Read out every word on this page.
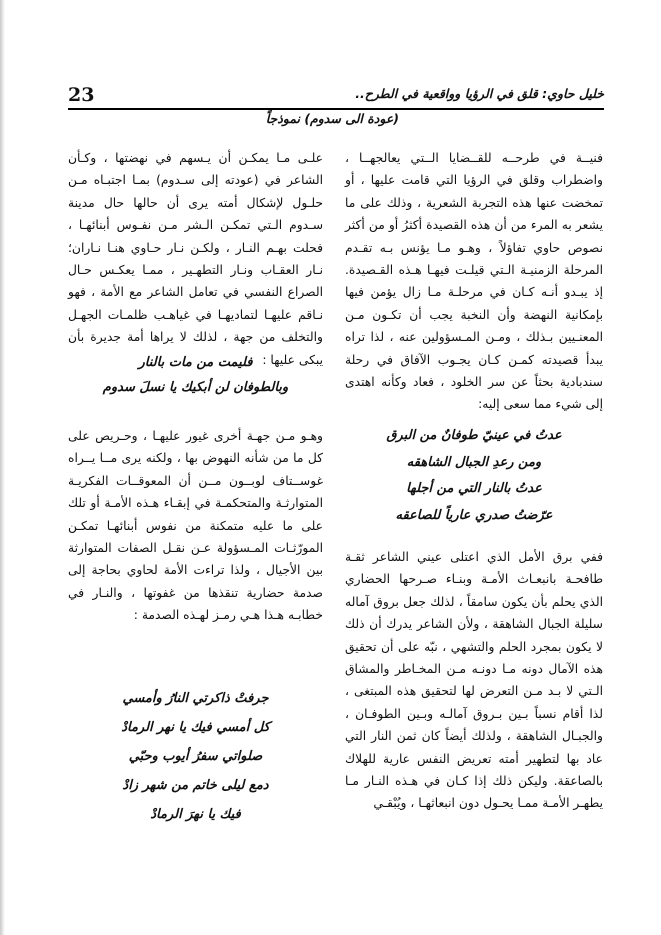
23	خليل حاوي: قلق في الرؤيا وواقعية في الطرح..
(عودة الى سدوم) نموذجاً

فنيــة في طرحــه للقــضايا الــتي يعالجهــا ، واضطراب وقلق في الرؤيا التي قامت عليها ، أو تمخضت عنها هذه التجربة الشعرية ، وذلك على ما يشعر به المرء من أن هذه القصيدة أكثرُ أو من أكثر نصوص حاوي تفاؤلاً ، وهـو مـا يؤنس بـه تقـدم المرحلة الزمنيـة الـتي قيلـت فيهـا هـذه القـصيدة. إذ يبـدو أنـه كـان في مرحلـة مـا زال يؤمن فيها بإمكانية النهضة وأن النخبة يجب أن تكـون مـن المعنـيين بـذلك ، ومـن المـسؤولين عنه ، لذا تراه يبدأ قصيدته كمـن كـان يجـوب الآفاق في رحلة سندبادية بحثاً عن سر الخلود ، فعاد وكأنه اهتدى إلى شيء مما سعى إليه:

عدتُ في عينيّ طوفانٌ من البرق
ومن رعدِ الجبال الشاهقه
عدتُ بالنار التي من أجلها
عرّضتُ صدري عارياً للصاعقه

ففي برق الأمل الذي اعتلى عيني الشاعر ثقـة طافحـة بانبعـاث الأمـة وبنـاء صـرحها الحضاري الذي يحلم بأن يكون سامقاً ، لذلك جعل بروق آماله سليلة الجبال الشاهقة ، ولأن الشاعر يدرك أن ذلك لا يكون بمجرد الحلم والتشهي ، نبّه على أن تحقيق هذه الآمال دونه مـا دونـه مـن المخـاطر والمشاق الـتي لا بـد مـن التعرض لها لتحقيق هذه المبتغى ، لذا أقام نسباً بـين بـروق آمالـه وبـين الطوفـان ، والجبـال الشاهقة ، ولذلك أيضاً كان ثمن النار التي عاد بها لتطهير أمته تعريض النفس عارية للهلاك بالصاعقة. وليكن ذلك إذا كـان في هـذه النـار مـا يطهـر الأمـة ممـا يحـول دون انبعاثهـا ، ويُبْقـي

علـى مـا يمكـن أن يـسهم في نهضتها ، وكـأن الشاعر في (عودته إلى سـدوم) بمـا اجتبـاه مـن حلـول لإشكال أمته يرى أن حالها حال مدينة سـدوم الـتي تمكـن الـشر مـن نفـوس أبنائهـا ، فحلت بهـم النـار ، ولكـن نـار حـاوي هنـا نـاران؛ نـار العقـاب ونـار التطهـير ، ممـا يعكـس حـال الصراع النفسي في تعامل الشاعر مع الأمة ، فهو نـاقم عليهـا لتماديهـا في غياهـب ظلمـات الجهـل والتخلف من جهة ، لذلك لا يراها أمة جديرة بأن يبكى عليها :

فليمت من مات بالنار
وبالطوفان لن أبكيك يا نسلَ سدوم

وهـو مـن جهـة أخرى غيور عليهـا ، وحـريص على كل ما من شأنه النهوض بها ، ولكنه يرى مــا يــراه غوســتاف لوبــون مــن أن المعوقــات الفكريـة المتوارثـة والمتحكمـة في إبقـاء هـذه الأمـة أو تلك على ما عليه متمكنة من نفوس أبنائهـا تمكـن المورّثـات المـسؤولة عـن نقـل الصفات المتوارثة بين الأجيال ، ولذا تراءت الأمة لحاوي بحاجة إلى صدمة حضارية تنقذها من غفوتها ، والنـار في خطابـه هـذا هـي رمـز لهـذه الصدمة :

جرفتْ ذاكرتي النارُ وأمسي
كل أمسي فيك يا نهر الرمادْ
صلواتي سفرُ أيوب وحبّي
دمع ليلى خاتم من شهر زادْ
فيك يا نهرَ الرمادْ
